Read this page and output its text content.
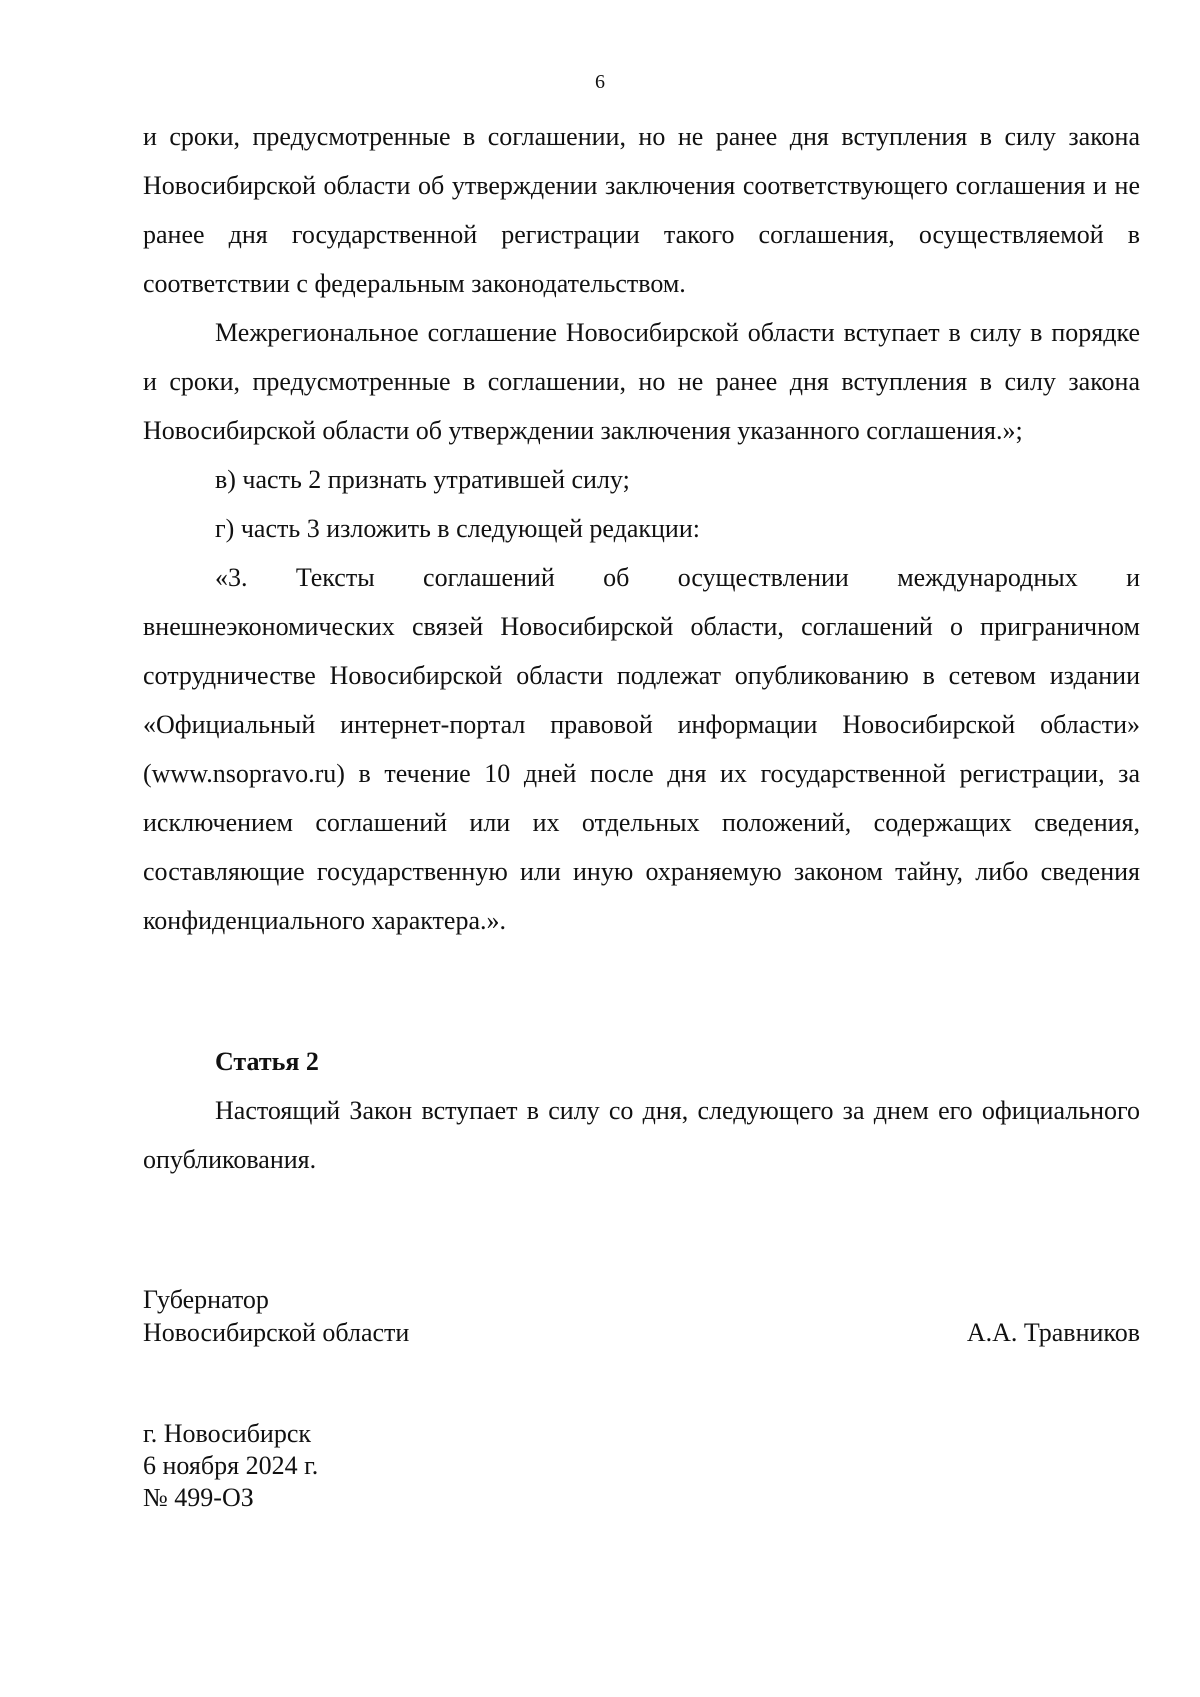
6

и сроки, предусмотренные в соглашении, но не ранее дня вступления в силу закона Новосибирской области об утверждении заключения соответствующего соглашения и не ранее дня государственной регистрации такого соглашения, осуществляемой в соответствии с федеральным законодательством.

Межрегиональное соглашение Новосибирской области вступает в силу в порядке и сроки, предусмотренные в соглашении, но не ранее дня вступления в силу закона Новосибирской области об утверждении заключения указанного соглашения.»;

в) часть 2 признать утратившей силу;

г) часть 3 изложить в следующей редакции:

«3. Тексты соглашений об осуществлении международных и внешнеэкономических связей Новосибирской области, соглашений о приграничном сотрудничестве Новосибирской области подлежат опубликованию в сетевом издании «Официальный интернет-портал правовой информации Новосибирской области» (www.nsopravo.ru) в течение 10 дней после дня их государственной регистрации, за исключением соглашений или их отдельных положений, содержащих сведения, составляющие государственную или иную охраняемую законом тайну, либо сведения конфиденциального характера.».

Статья 2

Настоящий Закон вступает в силу со дня, следующего за днем его официального опубликования.

Губернатор
Новосибирской области	А.А. Травников
г. Новосибирск
6 ноября 2024 г.
№ 499-ОЗ
